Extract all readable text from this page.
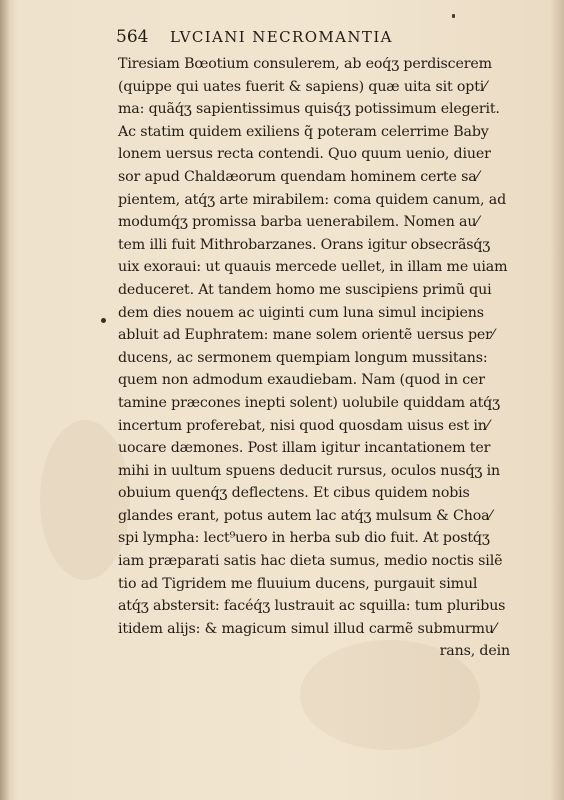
564 LVCIANI NECROMANTIA
Tiresiam Bœotium consulerem, ab eoq́ʒ perdiscerem
(quippe qui uates fuerit & sapiens) quæ uita sit opti⁄
ma: quãq́ʒ sapientissimus quisq́ʒ potissimum elegerit.
Ac statim quidem exiliens q̃ poteram celerrime Baby
lonem uersus recta contendi. Quo quum uenio, diuer
sor apud Chaldæorum quendam hominem certe sa⁄
pientem, atq́ʒ arte mirabilem: coma quidem canum, ad
modumq́ʒ promissa barba uenerabilem. Nomen au⁄
tem illi fuit Mithrobarzanes. Orans igitur obsecrãsq́ʒ
uix exoraui: ut quauis mercede uellet, in illam me uiam
deduceret. At tandem homo me suscipiens primũ qui
dem dies nouem ac uiginti cum luna simul incipiens
abluit ad Euphratem: mane solem orientẽ uersus per⁄
ducens, ac sermonem quempiam longum mussitans:
quem non admodum exaudiebam. Nam (quod in cer
tamine præcones inepti solent) uolubile quiddam atq́ʒ
incertum proferebat, nisi quod quosdam uisus est in⁄
uocare dæmones. Post illam igitur incantationem ter
mihi in uultum spuens deducit rursus, oculos nusq́ʒ in
obuium quenq́ʒ deflectens. Et cibus quidem nobis
glandes erant, potus autem lac atq́ʒ mulsum & Choa⁄
spi lympha: lect⁹uero in herba sub dio fuit. At postq́ʒ
iam præparati satis hac dieta sumus, medio noctis silẽ
tio ad Tigridem me fluuium ducens, purgauit simul
atq́ʒ abstersit: facéq́ʒ lustrauit ac squilla: tum pluribus
itidem alijs: & magicum simul illud carmẽ submurmu⁄
rans, dein
